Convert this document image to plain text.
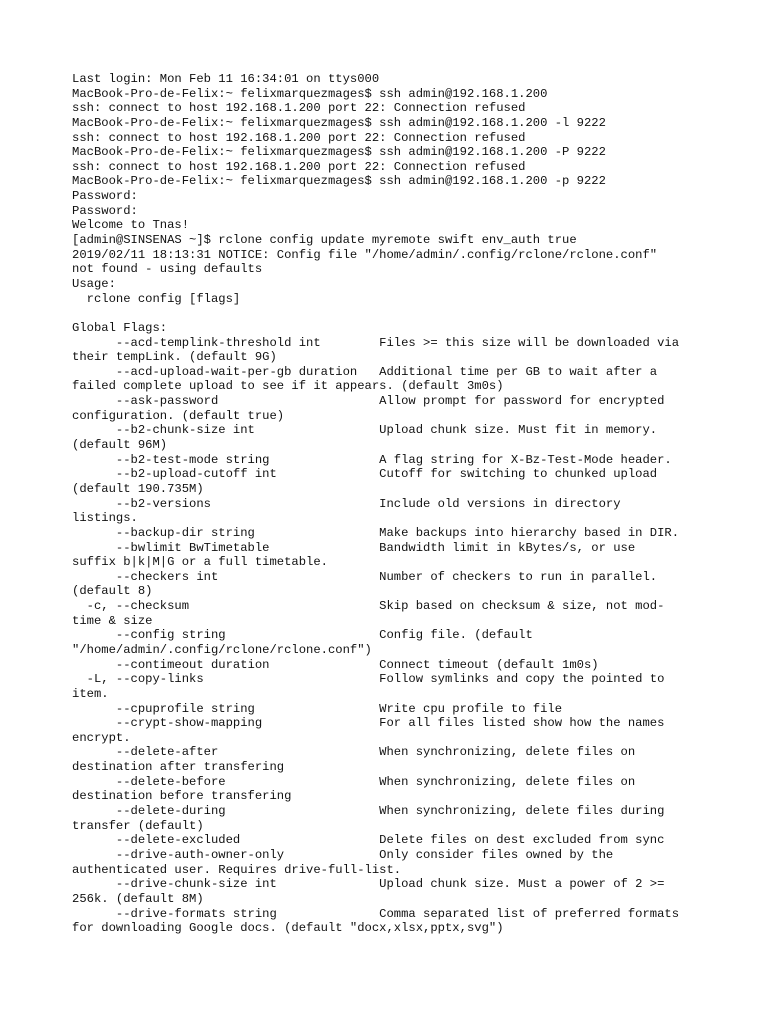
Last login: Mon Feb 11 16:34:01 on ttys000
MacBook-Pro-de-Felix:~ felixmarquezmages$ ssh admin@192.168.1.200
ssh: connect to host 192.168.1.200 port 22: Connection refused
MacBook-Pro-de-Felix:~ felixmarquezmages$ ssh admin@192.168.1.200 -l 9222
ssh: connect to host 192.168.1.200 port 22: Connection refused
MacBook-Pro-de-Felix:~ felixmarquezmages$ ssh admin@192.168.1.200 -P 9222
ssh: connect to host 192.168.1.200 port 22: Connection refused
MacBook-Pro-de-Felix:~ felixmarquezmages$ ssh admin@192.168.1.200 -p 9222
Password:
Password:
Welcome to Tnas!
[admin@SINSENAS ~]$ rclone config update myremote swift env_auth true
2019/02/11 18:13:31 NOTICE: Config file "/home/admin/.config/rclone/rclone.conf"
not found - using defaults
Usage:
rclone config [flags]
Global Flags:
--acd-templink-threshold int        Files >= this size will be downloaded via
their tempLink. (default 9G)
--acd-upload-wait-per-gb duration   Additional time per GB to wait after a
failed complete upload to see if it appears. (default 3m0s)
--ask-password                      Allow prompt for password for encrypted
configuration. (default true)
--b2-chunk-size int                 Upload chunk size. Must fit in memory.
(default 96M)
--b2-test-mode string               A flag string for X-Bz-Test-Mode header.
--b2-upload-cutoff int              Cutoff for switching to chunked upload
(default 190.735M)
--b2-versions                       Include old versions in directory
listings.
--backup-dir string                 Make backups into hierarchy based in DIR.
--bwlimit BwTimetable               Bandwidth limit in kBytes/s, or use
suffix b|k|M|G or a full timetable.
--checkers int                      Number of checkers to run in parallel.
(default 8)
-c, --checksum                          Skip based on checksum & size, not mod-
time & size
--config string                     Config file. (default
"/home/admin/.config/rclone/rclone.conf")
--contimeout duration               Connect timeout (default 1m0s)
-L, --copy-links                        Follow symlinks and copy the pointed to
item.
--cpuprofile string                 Write cpu profile to file
--crypt-show-mapping                For all files listed show how the names
encrypt.
--delete-after                      When synchronizing, delete files on
destination after transfering
--delete-before                     When synchronizing, delete files on
destination before transfering
--delete-during                     When synchronizing, delete files during
transfer (default)
--delete-excluded                   Delete files on dest excluded from sync
--drive-auth-owner-only             Only consider files owned by the
authenticated user. Requires drive-full-list.
--drive-chunk-size int              Upload chunk size. Must a power of 2 >=
256k. (default 8M)
--drive-formats string              Comma separated list of preferred formats
for downloading Google docs. (default "docx,xlsx,pptx,svg")
